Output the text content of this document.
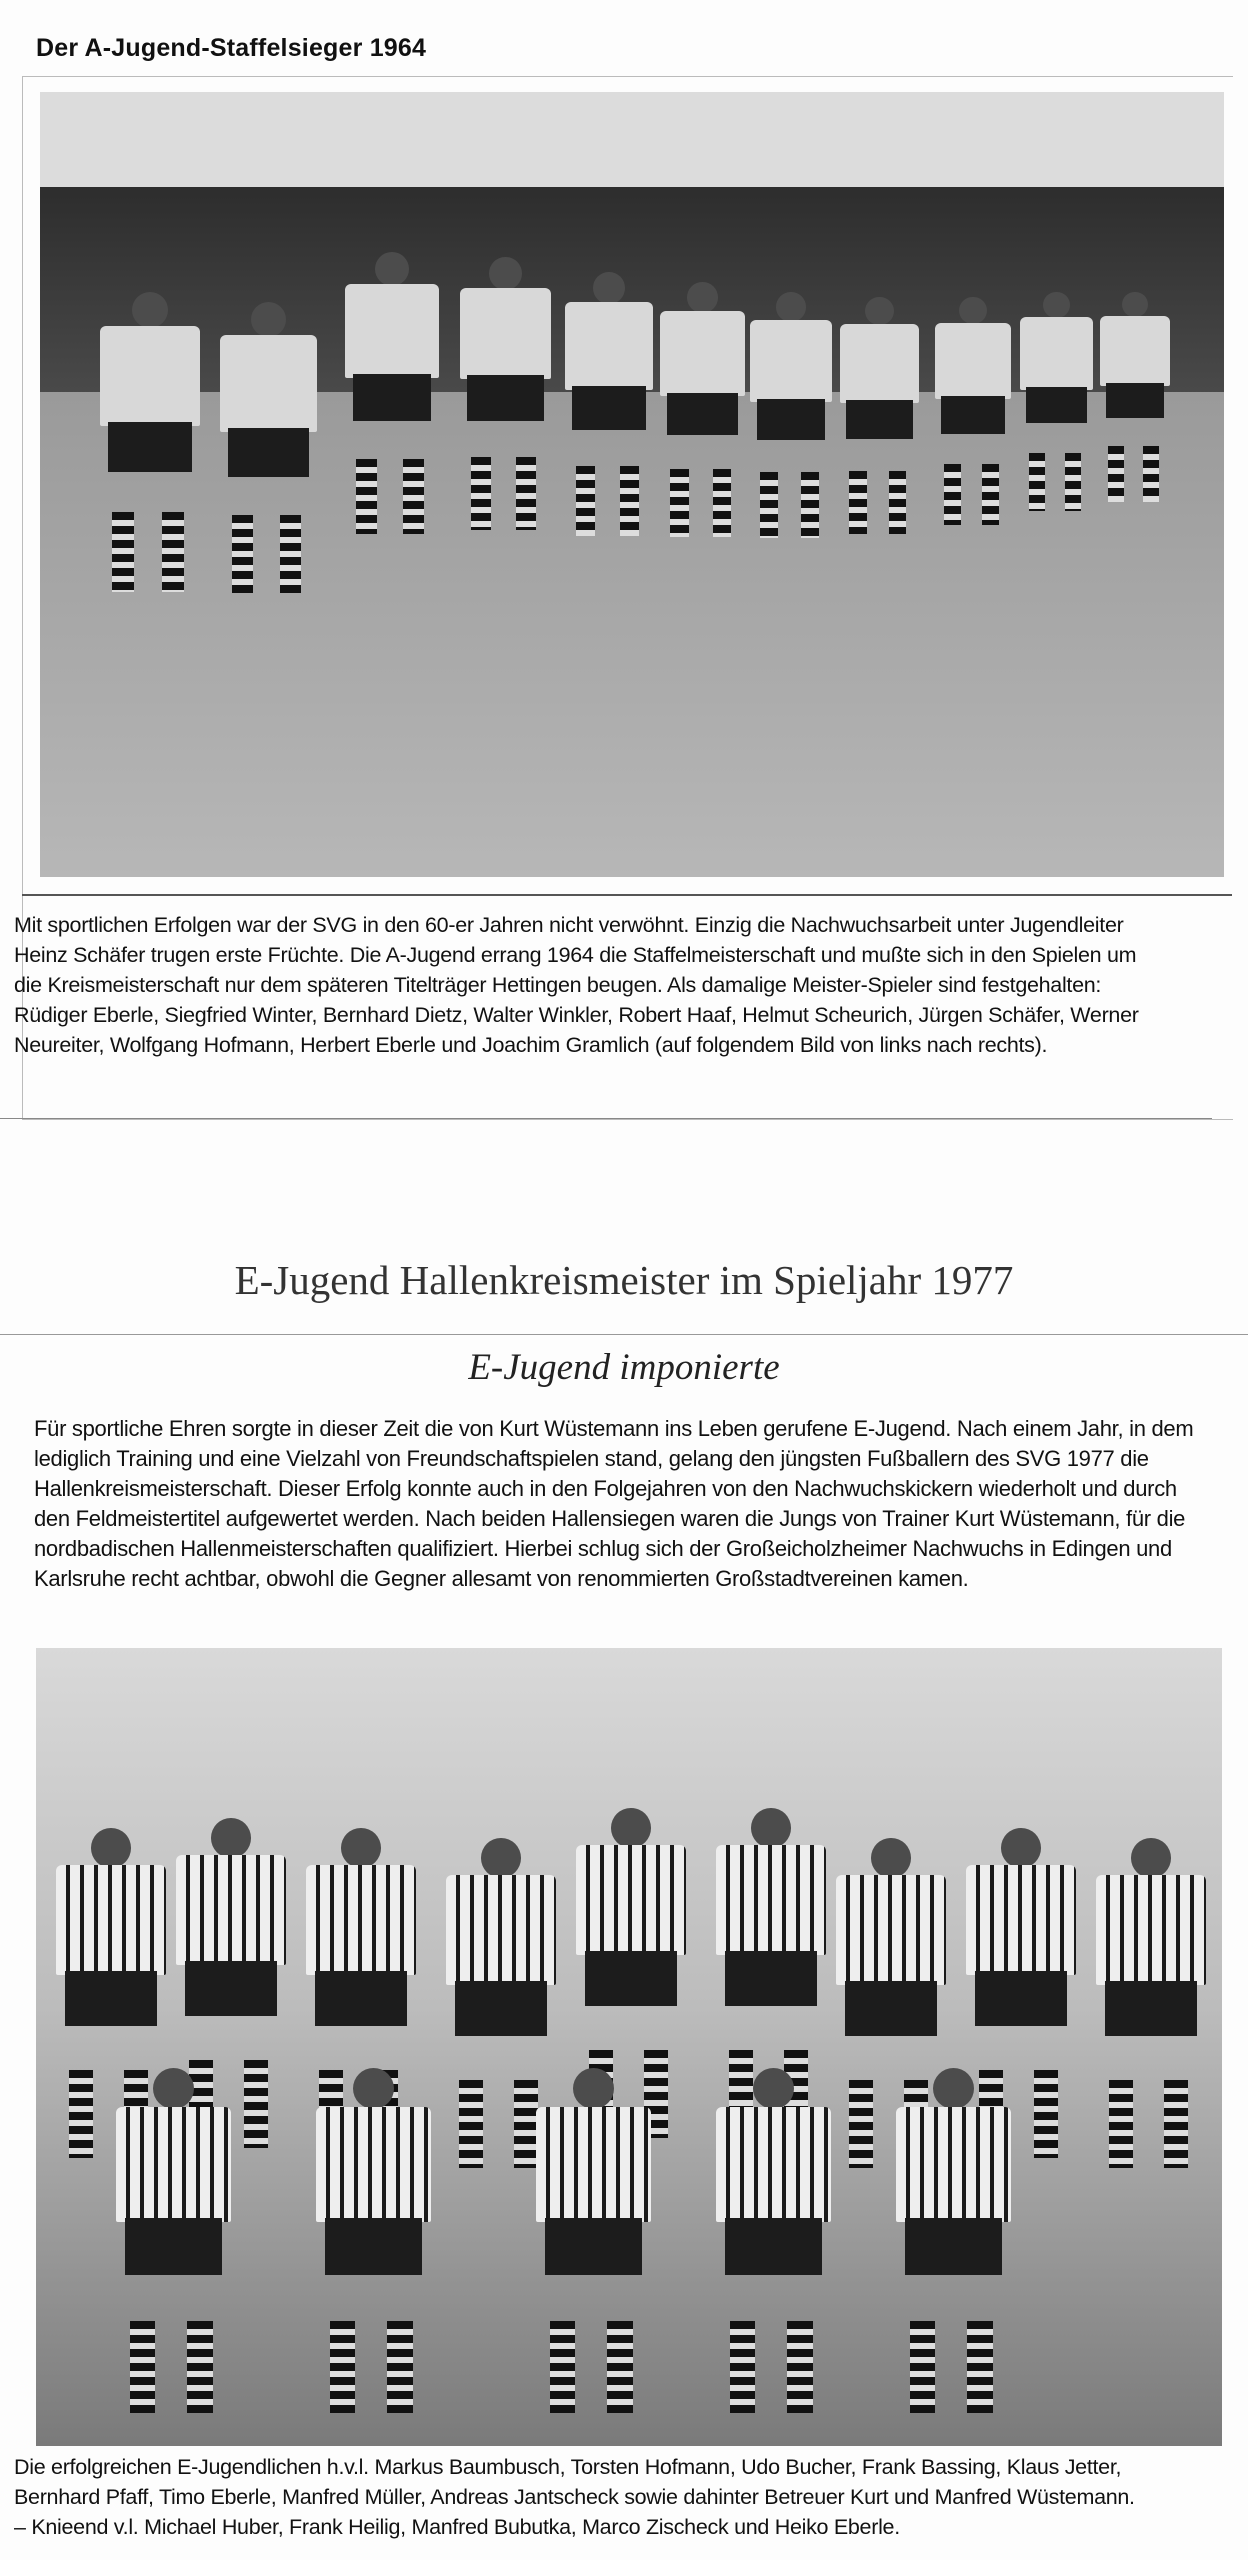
Der A-Jugend-Staffelsieger 1964
Mit sportlichen Erfolgen war der SVG in den 60-er Jahren nicht verwöhnt. Einzig die Nachwuchsarbeit unter Jugendleiter
Heinz Schäfer trugen erste Früchte. Die A-Jugend errang 1964 die Staffelmeisterschaft und mußte sich in den Spielen um
die Kreismeisterschaft nur dem späteren Titelträger Hettingen beugen. Als damalige Meister-Spieler sind festgehalten:
Rüdiger Eberle, Siegfried Winter, Bernhard Dietz, Walter Winkler, Robert Haaf, Helmut Scheurich, Jürgen Schäfer, Werner
Neureiter, Wolfgang Hofmann, Herbert Eberle und Joachim Gramlich (auf folgendem Bild von links nach rechts).
E-Jugend Hallenkreismeister im Spieljahr 1977
E-Jugend imponierte
Für sportliche Ehren sorgte in dieser Zeit die von Kurt Wüstemann ins Leben gerufene E-Jugend. Nach einem Jahr, in dem
lediglich Training und eine Vielzahl von Freundschaftspielen stand, gelang den jüngsten Fußballern des SVG 1977 die
Hallenkreismeisterschaft. Dieser Erfolg konnte auch in den Folgejahren von den Nachwuchskickern wiederholt und durch
den Feldmeistertitel aufgewertet werden. Nach beiden Hallensiegen waren die Jungs von Trainer Kurt Wüstemann, für die
nordbadischen Hallenmeisterschaften qualifiziert. Hierbei schlug sich der Großeicholzheimer Nachwuchs in Edingen und
Karlsruhe recht achtbar, obwohl die Gegner allesamt von renommierten Großstadtvereinen kamen.
Die erfolgreichen E-Jugendlichen h.v.l. Markus Baumbusch, Torsten Hofmann, Udo Bucher, Frank Bassing, Klaus Jetter,
Bernhard Pfaff, Timo Eberle, Manfred Müller, Andreas Jantscheck sowie dahinter Betreuer Kurt und Manfred Wüstemann.
– Knieend v.l. Michael Huber, Frank Heilig, Manfred Bubutka, Marco Zischeck und Heiko Eberle.
